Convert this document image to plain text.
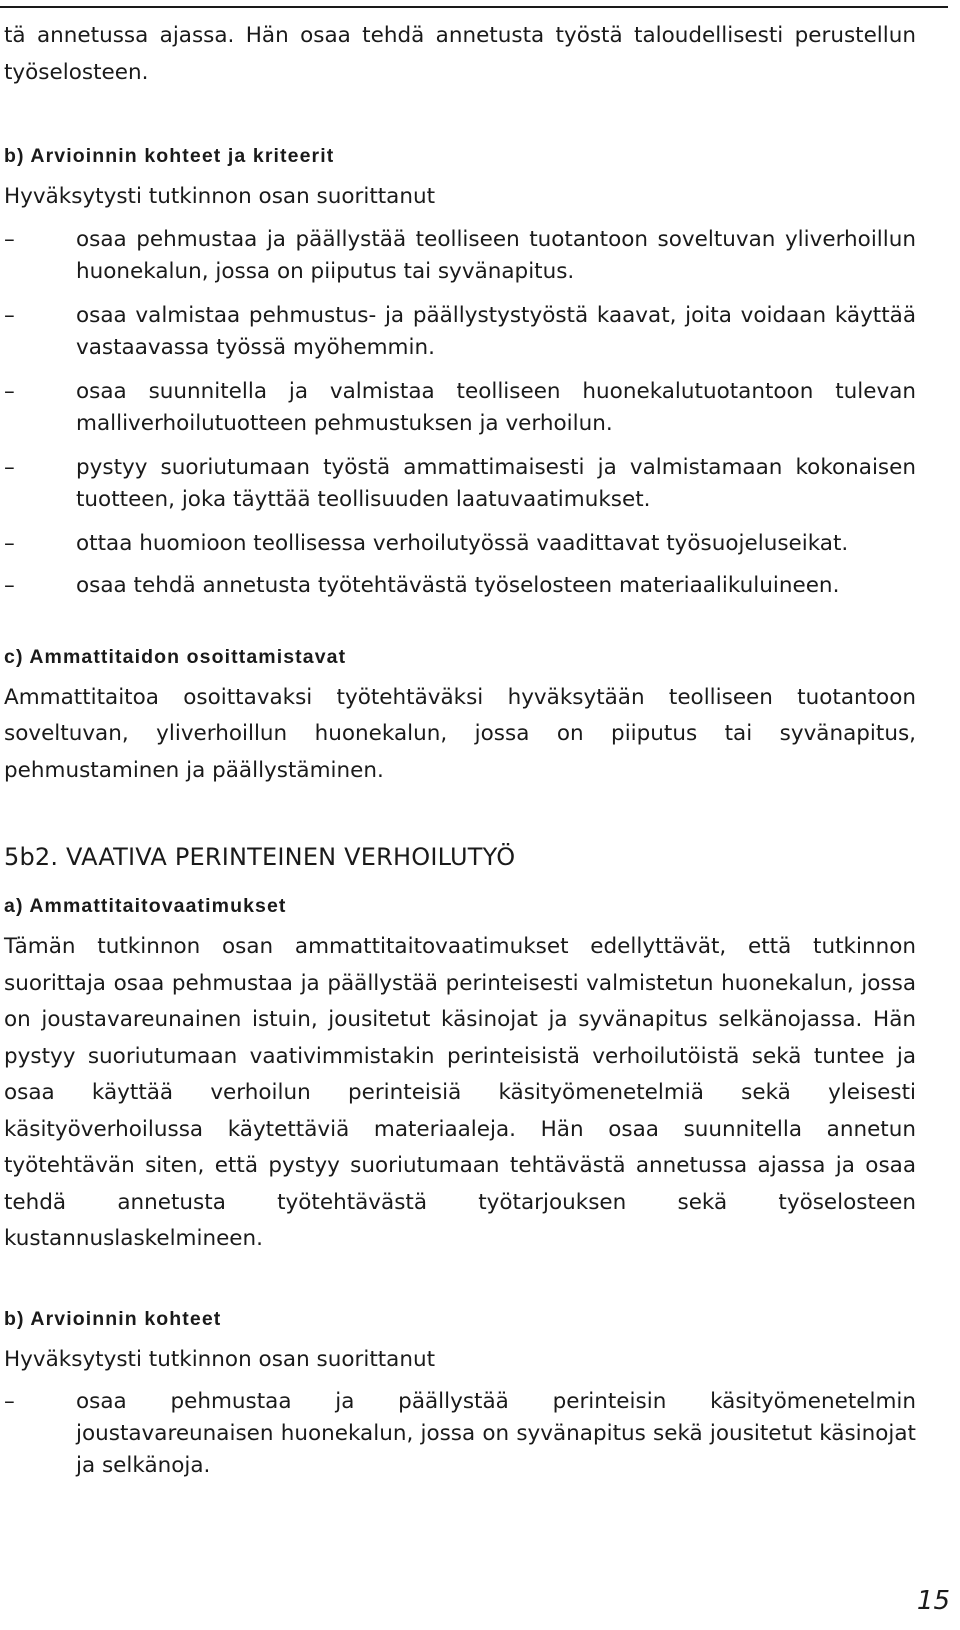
tä annetussa ajassa. Hän osaa tehdä annetusta työstä taloudellisesti perustellun työselosteen.

b) Arvioinnin kohteet ja kriteerit

Hyväksytysti tutkinnon osan suorittanut

–	osaa pehmustaa ja päällystää teolliseen tuotantoon soveltuvan yliverhoillun huonekalun, jossa on piiputus tai syvänapitus.
–	osaa valmistaa pehmustus- ja päällystystyöstä kaavat, joita voidaan käyttää vastaavassa työssä myöhemmin.
–	osaa suunnitella ja valmistaa teolliseen huonekalutuotantoon tulevan malliverhoilutuotteen pehmustuksen ja verhoilun.
–	pystyy suoriutumaan työstä ammattimaisesti ja valmistamaan kokonaisen tuotteen, joka täyttää teollisuuden laatuvaatimukset.
–	ottaa huomioon teollisessa verhoilutyössä vaadittavat työsuojeluseikat.
–	osaa tehdä annetusta työtehtävästä työselosteen materiaalikuluineen.

c) Ammattitaidon osoittamistavat

Ammattitaitoa osoittavaksi työtehtäväksi hyväksytään teolliseen tuotantoon soveltuvan, yliverhoillun huonekalun, jossa on piiputus tai syvänapitus, pehmustaminen ja päällystäminen.

5b2. VAATIVA PERINTEINEN VERHOILUTYÖ

a) Ammattitaitovaatimukset

Tämän tutkinnon osan ammattitaitovaatimukset edellyttävät, että tutkinnon suorittaja osaa pehmustaa ja päällystää perinteisesti valmistetun huonekalun, jossa on joustavareunainen istuin, jousitetut käsinojat ja syvänapitus selkänojassa. Hän pystyy suoriutumaan vaativimmistakin perinteisistä verhoilutöistä sekä tuntee ja osaa käyttää verhoilun perinteisiä käsityömenetelmiä sekä yleisesti käsityöverhoilussa käytettäviä materiaaleja. Hän osaa suunnitella annetun työtehtävän siten, että pystyy suoriutumaan tehtävästä annetussa ajassa ja osaa tehdä annetusta työtehtävästä työtarjouksen sekä työselosteen kustannuslaskelmineen.

b) Arvioinnin kohteet

Hyväksytysti tutkinnon osan suorittanut

–	osaa pehmustaa ja päällystää perinteisin käsityömenetelmin joustavareunaisen huonekalun, jossa on syvänapitus sekä jousitetut käsinojat ja selkänoja.
15
